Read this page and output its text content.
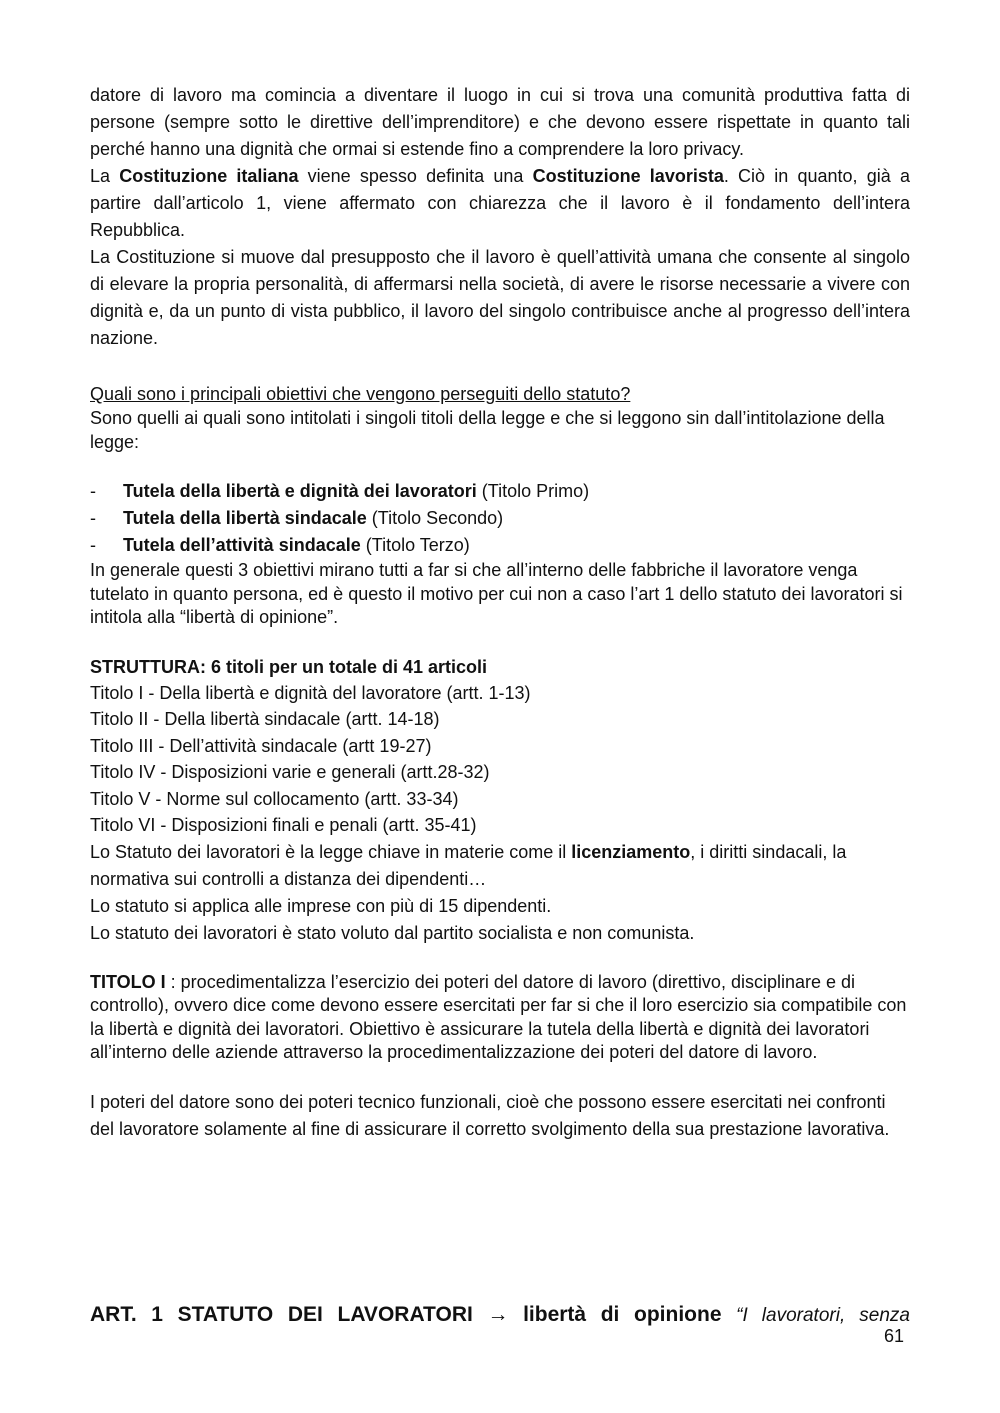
datore di lavoro ma comincia a diventare il luogo in cui si trova una comunità produttiva fatta di persone (sempre sotto le direttive dell’imprenditore) e che devono essere rispettate in quanto tali perché hanno una dignità che ormai si estende fino a comprendere la loro privacy.

La Costituzione italiana viene spesso definita una Costituzione lavorista. Ciò in quanto, già a partire dall’articolo 1, viene affermato con chiarezza che il lavoro è il fondamento dell’intera Repubblica.

La Costituzione si muove dal presupposto che il lavoro è quell’attività umana che consente al singolo di elevare la propria personalità, di affermarsi nella società, di avere le risorse necessarie a vivere con dignità e, da un punto di vista pubblico, il lavoro del singolo contribuisce anche al progresso dell’intera nazione.

Quali sono i principali obiettivi che vengono perseguiti dello statuto?

Sono quelli ai quali sono intitolati i singoli titoli della legge e che si leggono sin dall’intitolazione della legge:

- Tutela della libertà e dignità dei lavoratori (Titolo Primo)
- Tutela della libertà sindacale (Titolo Secondo)
- Tutela dell’attività sindacale (Titolo Terzo)

In generale questi 3 obiettivi mirano tutti a far si che all’interno delle fabbriche il lavoratore venga tutelato in quanto persona, ed è questo il motivo per cui non a caso l’art 1 dello statuto dei lavoratori si intitola alla “libertà di opinione”.

STRUTTURA: 6 titoli per un totale di 41 articoli

Titolo I - Della libertà e dignità del lavoratore (artt. 1-13)
Titolo II - Della libertà sindacale (artt. 14-18)
Titolo III - Dell’attività sindacale (artt 19-27)
Titolo IV - Disposizioni varie e generali (artt.28-32)
Titolo V - Norme sul collocamento (artt. 33-34)
Titolo VI - Disposizioni finali e penali (artt. 35-41)

Lo Statuto dei lavoratori è la legge chiave in materie come il licenziamento, i diritti sindacali, la normativa sui controlli a distanza dei dipendenti…

Lo statuto si applica alle imprese con più di 15 dipendenti.

Lo statuto dei lavoratori è stato voluto dal partito socialista e non comunista.

TITOLO I : procedimentalizza l’esercizio dei poteri del datore di lavoro (direttivo, disciplinare e di controllo), ovvero dice come devono essere esercitati per far si che il loro esercizio sia compatibile con la libertà e dignità dei lavoratori. Obiettivo è assicurare la tutela della libertà e dignità dei lavoratori all’interno delle aziende attraverso la procedimentalizzazione dei poteri del datore di lavoro.

I poteri del datore sono dei poteri tecnico funzionali, cioè che possono essere esercitati nei confronti del lavoratore solamente al fine di assicurare il corretto svolgimento della sua prestazione lavorativa.

ART. 1 STATUTO DEI LAVORATORI → libertà di opinione “I lavoratori, senza
61
